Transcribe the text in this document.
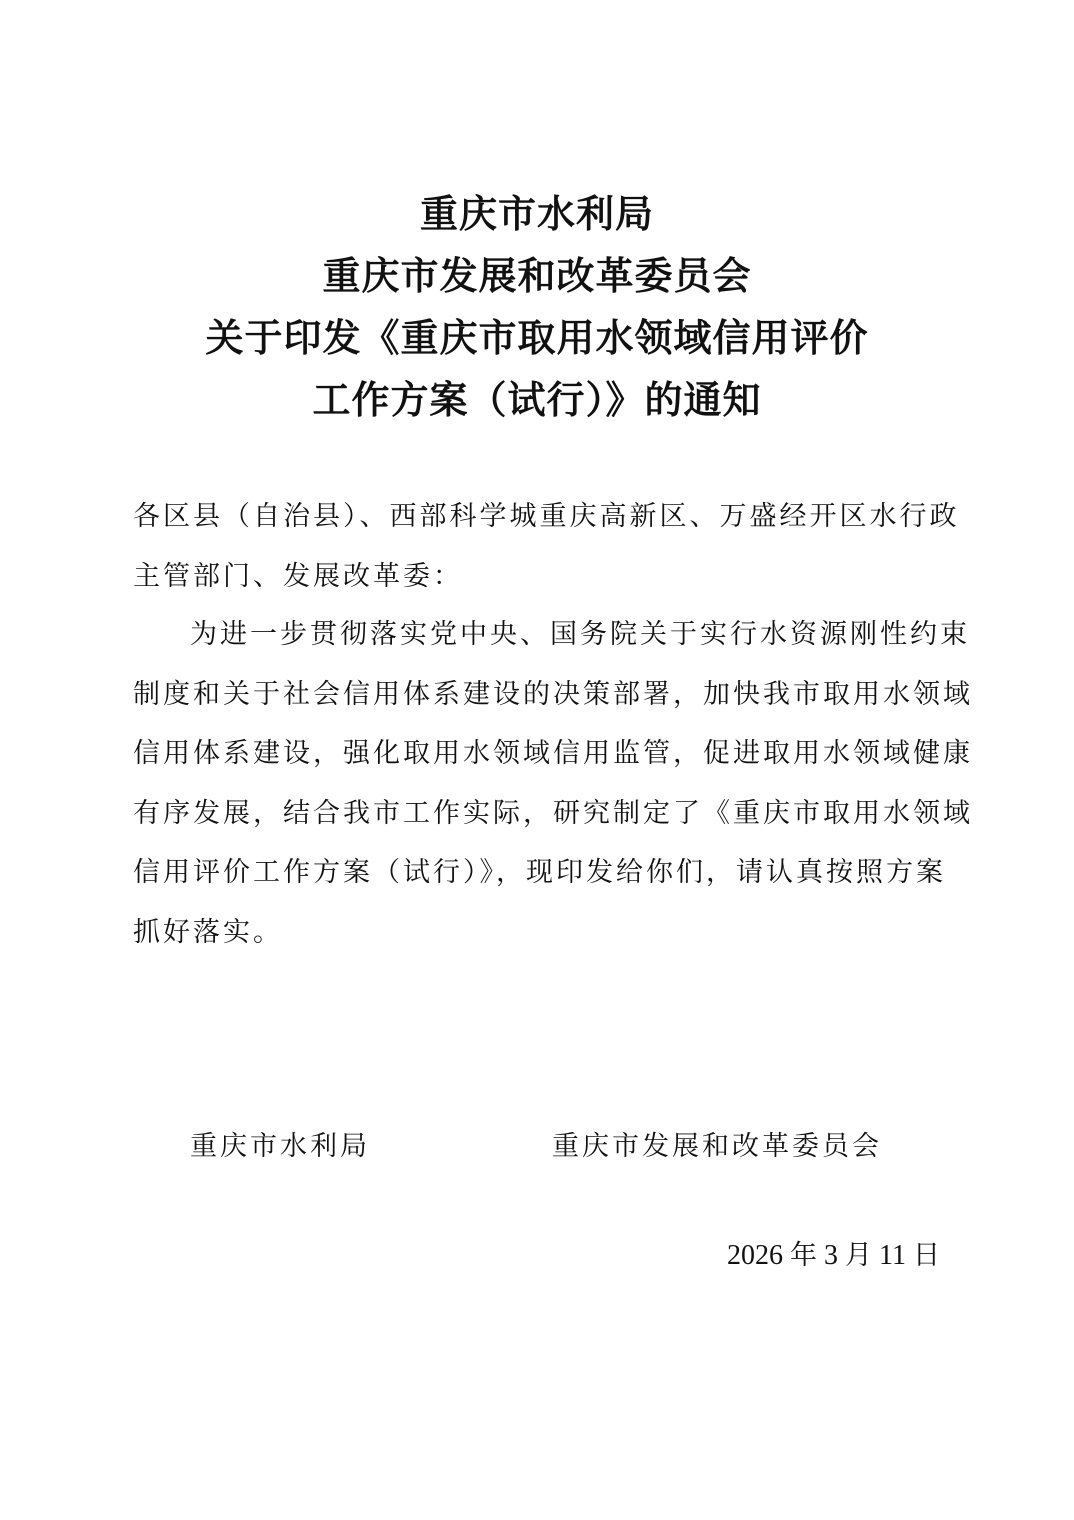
重庆市水利局
重庆市发展和改革委员会
关于印发《重庆市取用水领域信用评价
工作方案（试行）》的通知
各区县（自治县）、西部科学城重庆高新区、万盛经开区水行政
主管部门、发展改革委：
为进一步贯彻落实党中央、国务院关于实行水资源刚性约束
制度和关于社会信用体系建设的决策部署，加快我市取用水领域
信用体系建设，强化取用水领域信用监管，促进取用水领域健康
有序发展，结合我市工作实际，研究制定了《重庆市取用水领域
信用评价工作方案（试行）》，现印发给你们，请认真按照方案
抓好落实。
重庆市水利局	重庆市发展和改革委员会
2026 年 3 月 11 日
